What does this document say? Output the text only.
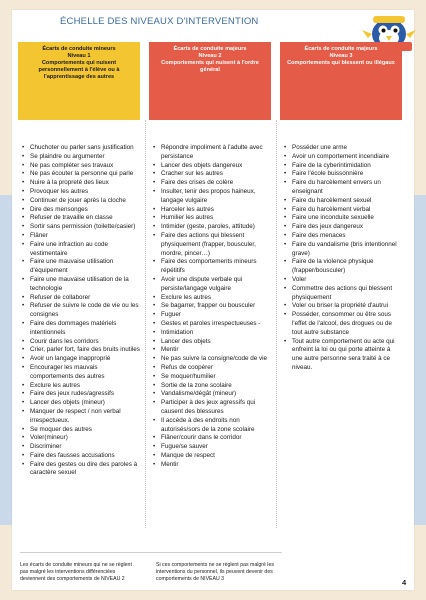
ÉCHELLE DES NIVEAUX D'INTERVENTION
Écarts de conduite mineurs
Niveau 1
Comportements qui nuisent personnellement à l'élève ou à l'apprentissage des autres
• Chuchoter ou parler sans justification
• Se plaindre ou argumenter
• Ne pas compléter ses travaux
• Ne pas écouter la personne qui parle
• Nuire à la propreté des lieux
• Provoquer les autres
• Continuer de jouer après la cloche
• Dire des mensonges
• Refuser de travaille en classe
• Sortir sans permission (toilette/casier)
• Flâner
• Faire une infraction au code vestimentaire
• Faire une mauvaise utilisation d'équipement
• Faire une mauvaise utilisation de la technologie
• Refuser de collaborer
• Refuser de suivre le code de vie ou les consignes
• Faire des dommages matériels intentionnels
• Courir dans les corridors
• Crier, parler fort, faire des bruits inutiles
• Avoir un langage inapproprié
• Encourager les mauvais comportements des autres
• Exclure les autres
• Faire des jeux rudes/agressifs
• Lancer des objets (mineur)
• Manquer de respect / non verbal irrespectueux.
• Se moquer des autres
• Voler(mineur)
• Discriminer
• Faire des fausses accusations
• Faire des gestes ou dire des paroles à caractère sexuel
Écarts de conduite majeurs
Niveau 2
Comportements qui nuisent à l'ordre général
• Répondre impoliment à l'adulte avec persistance
• Lancer des objets dangereux
• Cracher sur les autres
• Faire des crises de colère
• Insulter, tenir des propos haineux, langage vulgaire
• Harceler les autres
• Humilier les autres
• Intimider (geste, paroles, attitude)
• Faire des actions qui blessent physiquement (frapper, bousculer, mordre, pincer…)
• Faire des comportements mineurs répétitifs
• Avoir une dispute verbale qui persiste/langage vulgaire
• Exclure les autres
• Se bagarrer, frapper ou bousculer
• Fuguer
• Gestes et paroles irrespectueuses -
• Intimidation
• Lancer des objets
• Mentir
• Ne pas suivre la consigne/code de vie
• Refus de coopérer
• Se moquer/humilier
• Sortie de la zone scolaire
• Vandalisme/dégât (mineur)
• Participer à des jeux agressifs qui causent des blessures
• Il accède à des endroits non autorisés/sors de la zone scolaire
• Flâner/courir dans le corridor
• Fugue/se sauver
• Manque de respect
• Mentir
Écarts de conduite majeurs
Niveau 3
Comportements qui blessent ou illégaux
• Posséder une arme
• Avoir un comportement incendiaire
• Faire de la cyberintimidation
• Faire l'école buissonnière
• Faire du harcèlement envers un enseignant
• Faire du harcèlement sexuel
• Faire du harcèlement verbal
• Faire une inconduite sexuelle
• Faire des jeux dangereux
• Faire des menaces
• Faire du vandalisme (bris intentionnel grave)
• Faire de la violence physique (frapper/bousculer)
• Voler
• Commettre des actions qui blessent physiquement
• Voler ou briser la propriété d'autrui
• Posséder, consommer ou être sous l'effet de l'alcool, des drogues ou de tout autre substance
• Tout autre comportement ou acte qui enfreint la loi ou qui porte atteinte à une autre personne sera traité à ce niveau.
Les écarts de conduite mineurs qui ne se règlent pas malgré les interventions différenciées deviennent des comportements de NIVEAU 2
Si ces comportements ne se règlent pas malgré les interventions du personnel, ils peuvent devenir des comportements de NIVEAU 3	4
